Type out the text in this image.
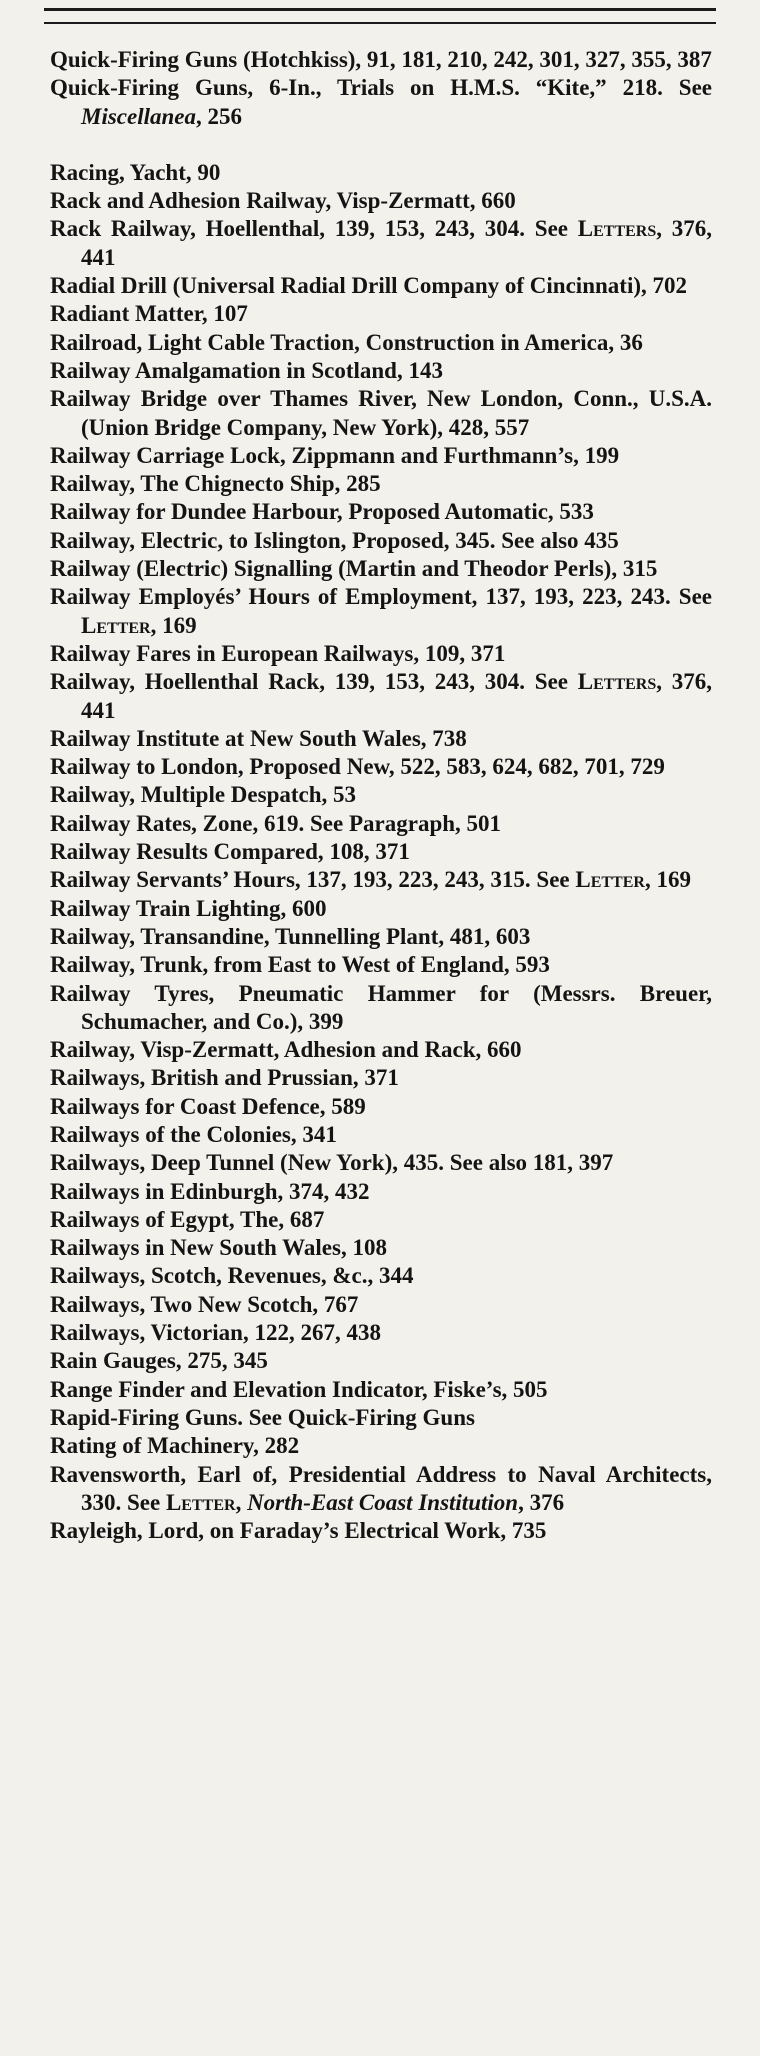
Quick-Firing Guns (Hotchkiss), 91, 181, 210, 242, 301, 327, 355, 387
Quick-Firing Guns, 6-In., Trials on H.M.S. “Kite,” 218. See Miscellanea, 256
Racing, Yacht, 90
Rack and Adhesion Railway, Visp-Zermatt, 660
Rack Railway, Hoellenthal, 139, 153, 243, 304. See Letters, 376, 441
Radial Drill (Universal Radial Drill Company of Cincinnati), 702
Radiant Matter, 107
Railroad, Light Cable Traction, Construction in America, 36
Railway Amalgamation in Scotland, 143
Railway Bridge over Thames River, New London, Conn., U.S.A. (Union Bridge Company, New York), 428, 557
Railway Carriage Lock, Zippmann and Furthmann’s, 199
Railway, The Chignecto Ship, 285
Railway for Dundee Harbour, Proposed Automatic, 533
Railway, Electric, to Islington, Proposed, 345. See also 435
Railway (Electric) Signalling (Martin and Theodor Perls), 315
Railway Employés’ Hours of Employment, 137, 193, 223, 243. See Letter, 169
Railway Fares in European Railways, 109, 371
Railway, Hoellenthal Rack, 139, 153, 243, 304. See Letters, 376, 441
Railway Institute at New South Wales, 738
Railway to London, Proposed New, 522, 583, 624, 682, 701, 729
Railway, Multiple Despatch, 53
Railway Rates, Zone, 619. See Paragraph, 501
Railway Results Compared, 108, 371
Railway Servants’ Hours, 137, 193, 223, 243, 315. See Letter, 169
Railway Train Lighting, 600
Railway, Transandine, Tunnelling Plant, 481, 603
Railway, Trunk, from East to West of England, 593
Railway Tyres, Pneumatic Hammer for (Messrs. Breuer, Schumacher, and Co.), 399
Railway, Visp-Zermatt, Adhesion and Rack, 660
Railways, British and Prussian, 371
Railways for Coast Defence, 589
Railways of the Colonies, 341
Railways, Deep Tunnel (New York), 435. See also 181, 397
Railways in Edinburgh, 374, 432
Railways of Egypt, The, 687
Railways in New South Wales, 108
Railways, Scotch, Revenues, &c., 344
Railways, Two New Scotch, 767
Railways, Victorian, 122, 267, 438
Rain Gauges, 275, 345
Range Finder and Elevation Indicator, Fiske’s, 505
Rapid-Firing Guns. See Quick-Firing Guns
Rating of Machinery, 282
Ravensworth, Earl of, Presidential Address to Naval Architects, 330. See Letter, North-East Coast Institution, 376
Rayleigh, Lord, on Faraday’s Electrical Work, 735
